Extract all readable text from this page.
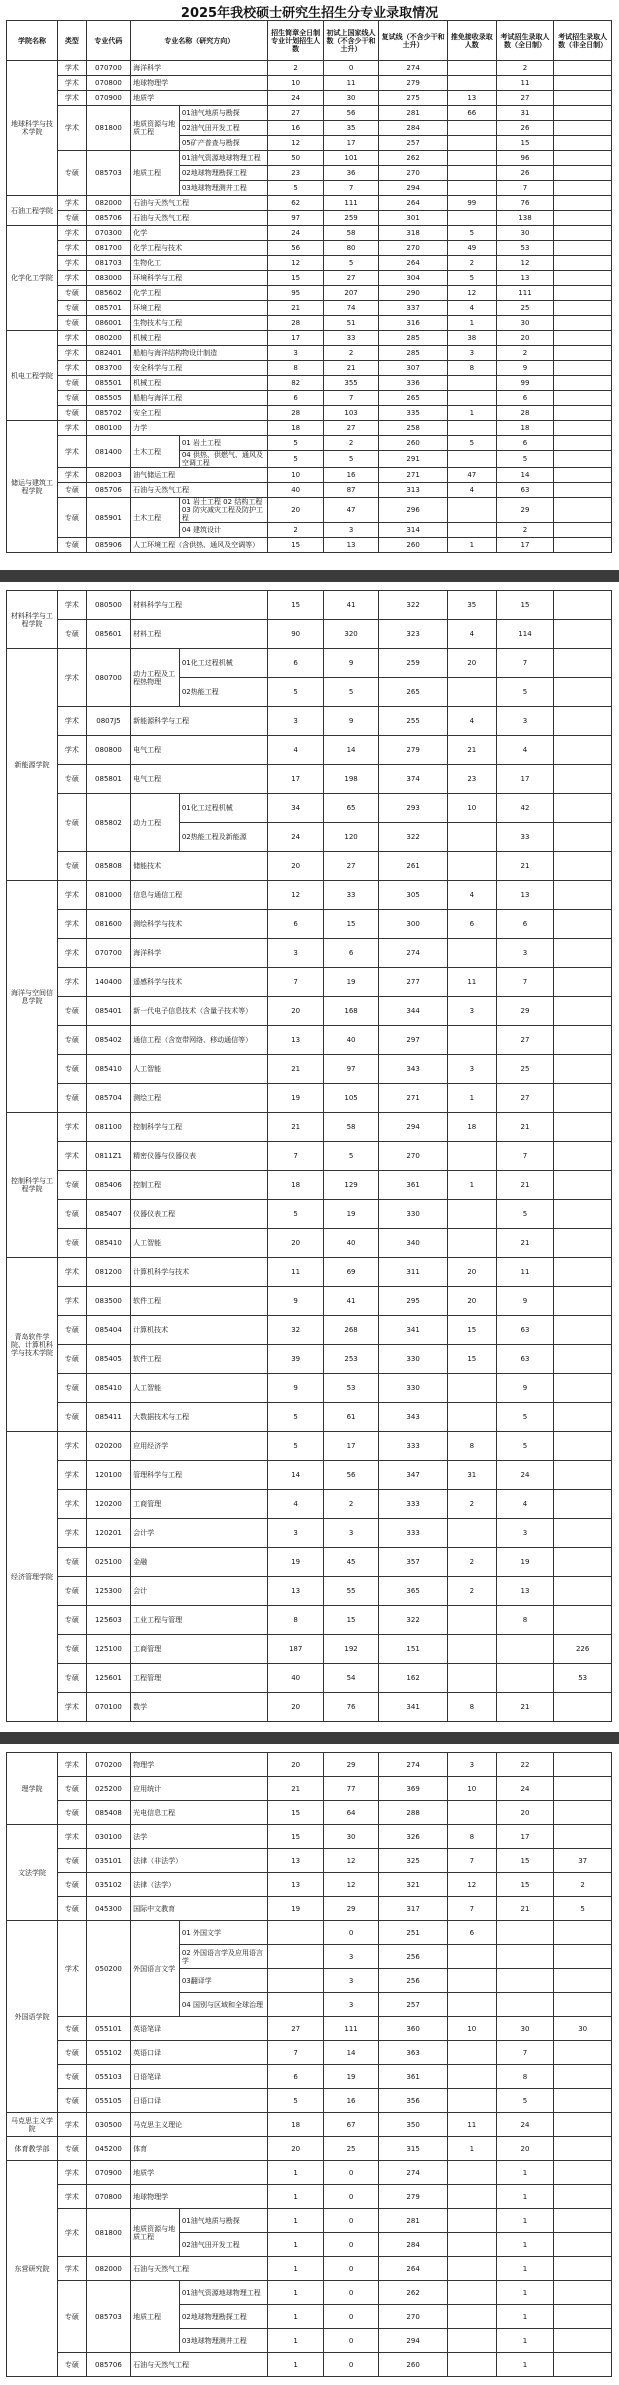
2025年我校硕士研究生招生分专业录取情况
学院名称	类型	专业代码	专业名称（研究方向）		招生简章全日制专业计划招生人数	初试上国家线人数（不含少干和土升）	复试线（不含少干和土升）	推免接收录取人数	考试招生录取人数（全日制）	考试招生录取人数（非全日制）
地球科学与技术学院	学术	070700	海洋科学		2	0	274		2	
	学术	070800	地球物理学		10	11	279		11	
	学术	070900	地质学		24	30	275	13	27	
	学术	081800	地质资源与地质工程	01油气地质与勘探	27	56	281	66	31	
				02油气田开发工程	16	35	284		26	
				05矿产普查与勘探	12	17	257		15	
	专硕	085703	地质工程	01油气资源地球物理工程	50	101	262		96	
				02地球物理勘探工程	23	36	270		26	
				03地球物理测井工程	5	7	294		7	
石油工程学院	学术	082000	石油与天然气工程		62	111	264	99	76	
	专硕	085706	石油与天然气工程		97	259	301		138	
化学化工学院	学术	070300	化学		24	58	318	5	30	
	学术	081700	化学工程与技术		56	80	270	49	53	
	学术	081703	生物化工		12	5	264	2	12	
	学术	083000	环境科学与工程		15	27	304	5	13	
	专硕	085602	化学工程		95	207	290	12	111	
	专硕	085701	环境工程		21	74	337	4	25	
	专硕	086001	生物技术与工程		28	51	316	1	30	
机电工程学院	学术	080200	机械工程		17	33	285	38	20	
	学术	082401	船舶与海洋结构物设计制造		3	2	285	3	2	
	学术	083700	安全科学与工程		8	21	307	8	9	
	专硕	085501	机械工程		82	355	336		99	
	专硕	085505	船舶与海洋工程		6	7	265		6	
	专硕	085702	安全工程		28	103	335	1	28	
储运与建筑工程学院	学术	080100	力学		18	27	258		18	
	学术	081400	土木工程	01 岩土工程	5	2	260	5	6	
				04 供热、供燃气、通风及空调工程	5	5	291		5	
	学术	082003	油气储运工程		10	16	271	47	14	
	专硕	085706	石油与天然气工程		40	87	313	4	63	
	专硕	085901	土木工程	01 岩土工程 02 结构工程 03 防灾减灾工程及防护工程	20	47	296		29	
				04 建筑设计	2	3	314		2	
	专硕	085906	人工环境工程（含供热、通风及空调等）		15	13	260	1	17	
材料科学与工程学院	学术	080500	材料科学与工程		15	41	322	35	15	
	专硕	085601	材料工程		90	320	323	4	114	
新能源学院	学术	080700	动力工程及工程热物理	01化工过程机械	6	9	259	20	7	
				02热能工程	5	5	265		5	
	学术	0807J5	新能源科学与工程		3	9	255	4	3	
	学术	080800	电气工程		4	14	279	21	4	
	专硕	085801	电气工程		17	198	374	23	17	
	专硕	085802	动力工程	01化工过程机械	34	65	293	10	42	
				02热能工程及新能源	24	120	322		33	
	专硕	085808	储能技术		20	27	261		21	
海洋与空间信息学院	学术	081000	信息与通信工程		12	33	305	4	13	
	学术	081600	测绘科学与技术		6	15	300	6	6	
	学术	070700	海洋科学		3	6	274		3	
	学术	140400	遥感科学与技术		7	19	277	11	7	
	专硕	085401	新一代电子信息技术（含量子技术等）		20	168	344	3	29	
	专硕	085402	通信工程（含宽带网络、移动通信等）		13	40	297		27	
	专硕	085410	人工智能		21	97	343	3	25	
	专硕	085704	测绘工程		19	105	271	1	27	
控制科学与工程学院	学术	081100	控制科学与工程		21	58	294	18	21	
	学术	0811Z1	精密仪器与仪器仪表		7	5	270		7	
	专硕	085406	控制工程		18	129	361	1	21	
	专硕	085407	仪器仪表工程		5	19	330		5	
	专硕	085410	人工智能		20	40	340		21	
青岛软件学院、计算机科学与技术学院	学术	081200	计算机科学与技术		11	69	311	20	11	
	学术	083500	软件工程		9	41	295	20	9	
	专硕	085404	计算机技术		32	268	341	15	63	
	专硕	085405	软件工程		39	253	330	15	63	
	专硕	085410	人工智能		9	53	330		9	
	专硕	085411	大数据技术与工程		5	61	343		5	
经济管理学院	学术	020200	应用经济学		5	17	333	8	5	
	学术	120100	管理科学与工程		14	56	347	31	24	
	学术	120200	工商管理		4	2	333	2	4	
	学术	120201	会计学		3	3	333		3	
	专硕	025100	金融		19	45	357	2	19	
	专硕	125300	会计		13	55	365	2	13	
	专硕	125603	工业工程与管理		8	15	322		8	
	专硕	125100	工商管理		187	192	151			226
	专硕	125601	工程管理		40	54	162			53
	学术	070100	数学		20	76	341	8	21	
理学院	学术	070200	物理学		20	29	274	3	22	
	专硕	025200	应用统计		21	77	369	10	24	
	专硕	085408	光电信息工程		15	64	288		20	
文法学院	学术	030100	法学		15	30	326	8	17	
	专硕	035101	法律（非法学）		13	12	325	7	15	37
	专硕	035102	法律（法学）		13	12	321	12	15	2
	专硕	045300	国际中文教育		19	29	317	7	21	5
外国语学院	学术	050200	外国语言文学	01 外国文学		0	251	6		
				02 外国语言学及应用语言学		3	256			
				03翻译学		3	256			
				04 国别与区域和全球治理		3	257			
	专硕	055101	英语笔译		27	111	360	10	30	30
	专硕	055102	英语口译		7	14	363		7	
	专硕	055103	日语笔译		6	19	361		8	
	专硕	055105	日语口译		5	16	356		5	
马克思主义学院	学术	030500	马克思主义理论		18	67	350	11	24	
体育教学部	专硕	045200	体育		20	25	315	1	20	
东营研究院	学术	070900	地质学		1	0	274		1	
	学术	070800	地球物理学		1	0	279		1	
	学术	081800	地质资源与地质工程	01油气地质与勘探	1	0	281		1	
				02油气田开发工程	1	0	284		1	
	学术	082000	石油与天然气工程		1	0	264		1	
	专硕	085703	地质工程	01油气资源地球物理工程	1	0	262		1	
				02地球物理勘探工程	1	0	270		1	
				03地球物理测井工程	1	0	294		1	
	专硕	085706	石油与天然气工程		1	0	260		1	
